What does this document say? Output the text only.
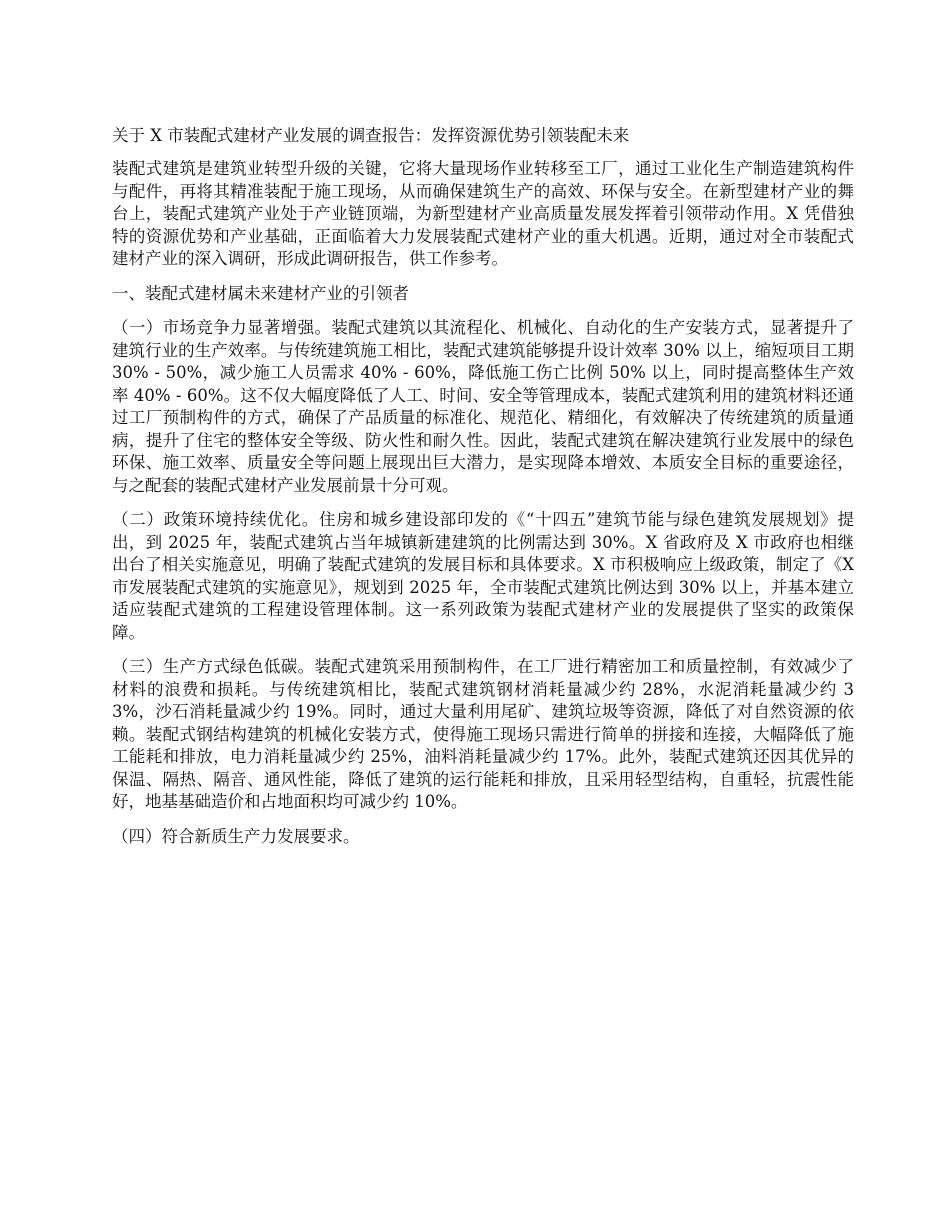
关于 X 市装配式建材产业发展的调查报告：发挥资源优势引领装配未来

装配式建筑是建筑业转型升级的关键，它将大量现场作业转移至工厂，通过工业化生产制造建筑构件与配件，再将其精准装配于施工现场，从而确保建筑生产的高效、环保与安全。在新型建材产业的舞台上，装配式建筑产业处于产业链顶端，为新型建材产业高质量发展发挥着引领带动作用。X 凭借独特的资源优势和产业基础，正面临着大力发展装配式建材产业的重大机遇。近期，通过对全市装配式建材产业的深入调研，形成此调研报告，供工作参考。

一、装配式建材属未来建材产业的引领者

（一）市场竞争力显著增强。装配式建筑以其流程化、机械化、自动化的生产安装方式，显著提升了建筑行业的生产效率。与传统建筑施工相比，装配式建筑能够提升设计效率 30% 以上，缩短项目工期 30% - 50%，减少施工人员需求 40% - 60%，降低施工伤亡比例 50% 以上，同时提高整体生产效率 40% - 60%。这不仅大幅度降低了人工、时间、安全等管理成本，装配式建筑利用的建筑材料还通过工厂预制构件的方式，确保了产品质量的标准化、规范化、精细化，有效解决了传统建筑的质量通病，提升了住宅的整体安全等级、防火性和耐久性。因此，装配式建筑在解决建筑行业发展中的绿色环保、施工效率、质量安全等问题上展现出巨大潜力，是实现降本增效、本质安全目标的重要途径，与之配套的装配式建材产业发展前景十分可观。

（二）政策环境持续优化。住房和城乡建设部印发的《“十四五”建筑节能与绿色建筑发展规划》提出，到 2025 年，装配式建筑占当年城镇新建建筑的比例需达到 30%。X 省政府及 X 市政府也相继出台了相关实施意见，明确了装配式建筑的发展目标和具体要求。X 市积极响应上级政策，制定了《X 市发展装配式建筑的实施意见》，规划到 2025 年，全市装配式建筑比例达到 30% 以上，并基本建立适应装配式建筑的工程建设管理体制。这一系列政策为装配式建材产业的发展提供了坚实的政策保障。

（三）生产方式绿色低碳。装配式建筑采用预制构件，在工厂进行精密加工和质量控制，有效减少了材料的浪费和损耗。与传统建筑相比，装配式建筑钢材消耗量减少约 28%，水泥消耗量减少约 33%，沙石消耗量减少约 19%。同时，通过大量利用尾矿、建筑垃圾等资源，降低了对自然资源的依赖。装配式钢结构建筑的机械化安装方式，使得施工现场只需进行简单的拼接和连接，大幅降低了施工能耗和排放，电力消耗量减少约 25%，油料消耗量减少约 17%。此外，装配式建筑还因其优异的保温、隔热、隔音、通风性能，降低了建筑的运行能耗和排放，且采用轻型结构，自重轻，抗震性能好，地基基础造价和占地面积均可减少约 10%。

（四）符合新质生产力发展要求。
